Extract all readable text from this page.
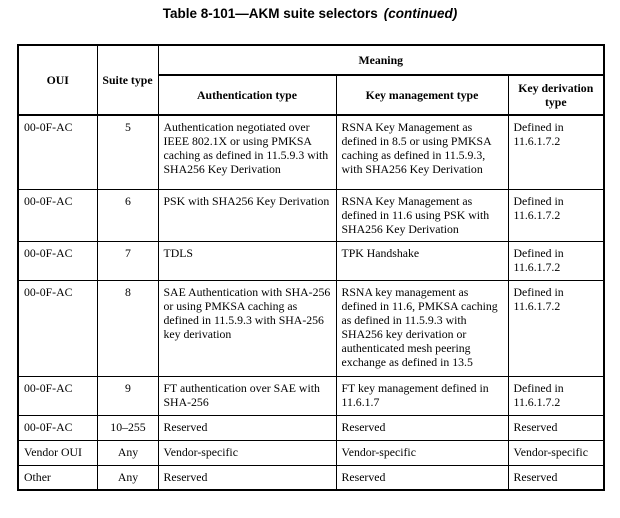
Table 8-101—AKM suite selectors (continued)
OUI	Suite type	Meaning		
		Authentication type	Key management type	Key derivation type
00-0F-AC	5	Authentication negotiated over IEEE 802.1X or using PMKSA caching as defined in 11.5.9.3 with SHA256 Key Derivation	RSNA Key Management as defined in 8.5 or using PMKSA caching as defined in 11.5.9.3, with SHA256 Key Derivation	Defined in 11.6.1.7.2
00-0F-AC	6	PSK with SHA256 Key Derivation	RSNA Key Management as defined in 11.6 using PSK with SHA256 Key Derivation	Defined in 11.6.1.7.2
00-0F-AC	7	TDLS	TPK Handshake	Defined in 11.6.1.7.2
00-0F-AC	8	SAE Authentication with SHA-256 or using PMKSA caching as defined in 11.5.9.3 with SHA-256 key derivation	RSNA key management as defined in 11.6, PMKSA caching as defined in 11.5.9.3 with SHA256 key derivation or authenticated mesh peering exchange as defined in 13.5	Defined in 11.6.1.7.2
00-0F-AC	9	FT authentication over SAE with SHA-256	FT key management defined in 11.6.1.7	Defined in 11.6.1.7.2
00-0F-AC	10–255	Reserved	Reserved	Reserved
Vendor OUI	Any	Vendor-specific	Vendor-specific	Vendor-specific
Other	Any	Reserved	Reserved	Reserved
